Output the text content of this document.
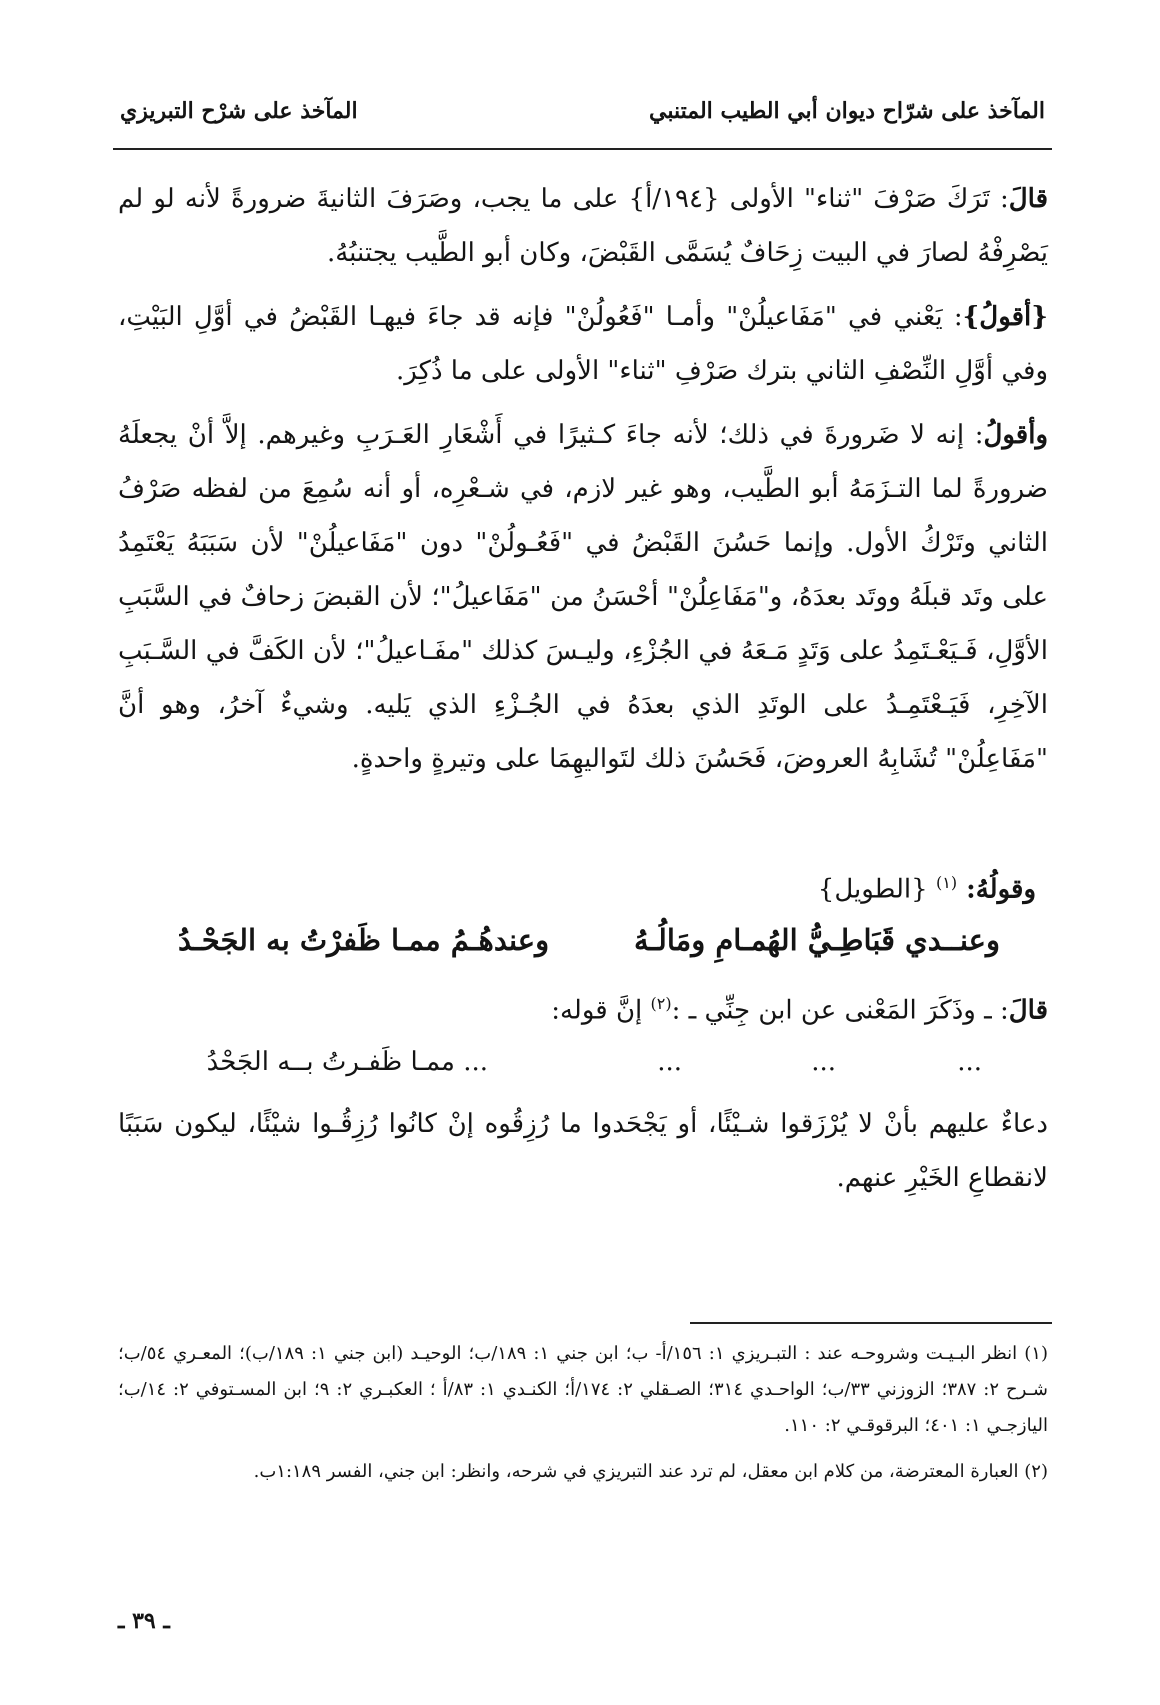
المآخذ على شرّاح ديوان أبي الطيب المتنبي
المآخذ على شرْح التبريزي

قالَ: تَرَكَ صَرْفَ "ثناء" الأولى {١٩٤/أ} على ما يجب، وصَرَفَ الثانيةَ ضرورةً لأنه لو لم يَصْرِفْهُ لصارَ في البيت زِحَافٌ يُسَمَّى القَبْضَ، وكان أبو الطَّيب يجتنبُهُ.

{أقولُ}: يَعْني في "مَفَاعيلُنْ" وأمـا "فَعُولُنْ" فإنه قد جاءَ فيهـا القَبْضُ في أوَّلِ البَيْتِ، وفي أوَّلِ النِّصْفِ الثاني بترك صَرْفِ "ثناء" الأولى على ما ذُكِرَ.

وأقولُ: إنه لا ضَرورةَ في ذلك؛ لأنه جاءَ كـثيرًا في أَشْعَارِ العَـرَبِ وغيرهم. إلاَّ أنْ يجعلَهُ ضرورةً لما التـزَمَهُ أبو الطَّيب، وهو غير لازم، في شـعْرِه، أو أنه سُمِعَ من لفظه صَرْفُ الثاني وتَرْكُ الأول. وإنما حَسُنَ القَبْضُ في "فَعُـولُنْ" دون "مَفَاعيلُنْ" لأن سَبَبَهُ يَعْتَمِدُ على وتَد قبلَهُ ووتَد بعدَهُ، و"مَفَاعِلُنْ" أحْسَنُ من "مَفَاعيلُ"؛ لأن القبضَ زحافٌ في السَّبَبِ الأوَّلِ، فَـيَعْـتَمِدُ على وَتَدٍ مَـعَهُ في الجُزْءِ، وليـسَ كذلك "مفَـاعيلُ"؛ لأن الكَفَّ في السَّـبَبِ الآخِرِ، فَيَـعْتَمِـدُ على الوتَدِ الذي بعدَهُ في الجُـزْءِ الذي يَليه. وشيءٌ آخرُ، وهو أنَّ "مَفَاعِلُنْ" تُشَابِهُ العروضَ، فَحَسُنَ ذلك لتَواليهِمَا على وتيرةٍ واحدةٍ.

وقولُهُ: $^{(١)}$ {الطويل}

وعنــدي قَبَاطِـيُّ الهُمـامِ ومَالُـهُ
وعندهُـمُ ممـا ظَفرْتُ به الجَحْـدُ

قالَ: ـ وذَكَرَ المَعْنى عن ابن جِنِّي ـ :$^{(٢)}$ إنَّ قوله:

... ممـا ظَفـرتُ بــه الجَحْدُ	...	...	...

دعاءٌ عليهم بأنْ لا يُرْزَقوا شـيْئًا، أو يَجْحَدوا ما رُزِقُوه إنْ كانُوا رُزِقُـوا شيْئًا، ليكون سَبَبًا لانقطاعِ الخَيْرِ عنهم.

(١) انظر البـيـت وشروحـه عند : التبـريزي ١: ١٥٦/أ- ب؛ ابن جني ١: ١٨٩/ب؛ الوحيـد (ابن جني ١: ١٨٩/ب)؛ المعـري ٥٤/ب؛ شـرح ٢: ٣٨٧؛ الزوزني ٣٣/ب؛ الواحـدي ٣١٤؛ الصـقلي ٢: ١٧٤/أ؛ الكنـدي ١: ٨٣/أ ؛ العكبـري ٢: ٩؛ ابن المسـتوفي ٢: ١٤/ب؛ اليازجـي ١: ٤٠١؛ البرقوقـي ٢: ١١٠.

(٢) العبارة المعترضة، من كلام ابن معقل، لم ترد عند التبريزي في شرحه، وانظر: ابن جني، الفسر ١:١٨٩ب.

ـ ٣٩ ـ
